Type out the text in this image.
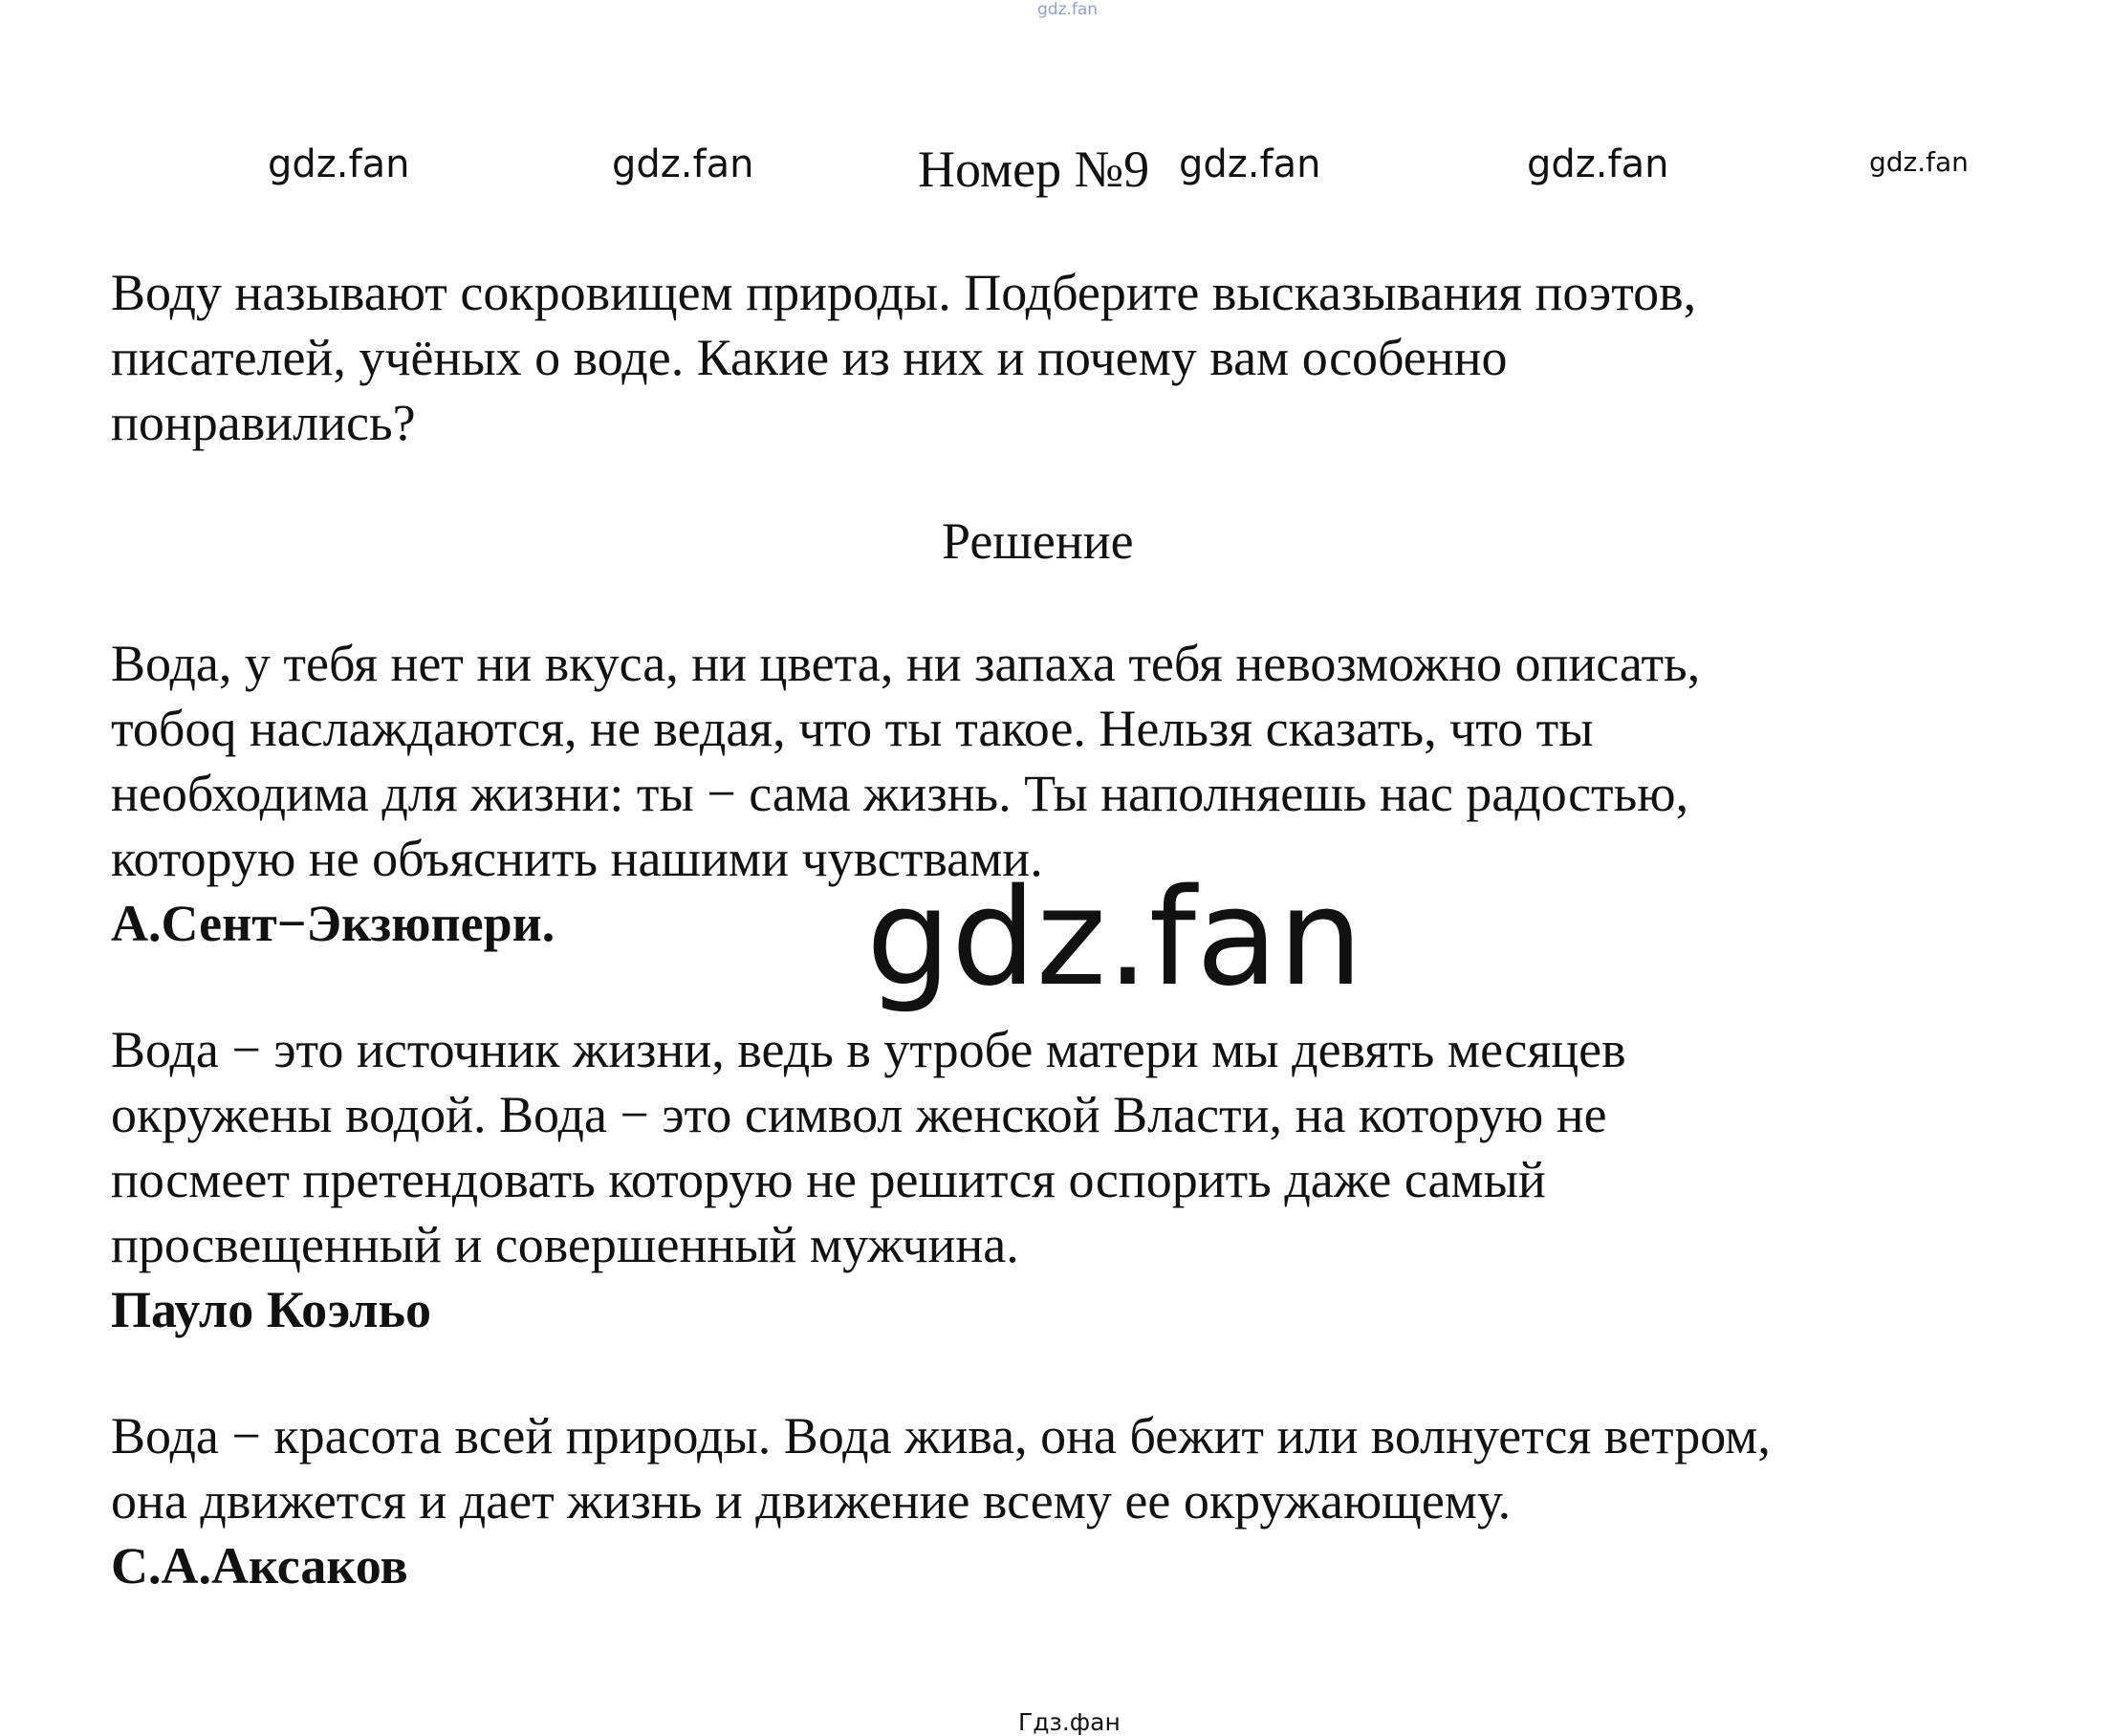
gdz.fan
Номер №9
gdz.fan	gdz.fan	gdz.fan	gdz.fan	gdz.fan
Воду называют сокровищем природы. Подберите высказывания поэтов,
писателей, учёных о воде. Какие из них и почему вам особенно
понравились?
Решение
Вода, у тебя нет ни вкуса, ни цвета, ни запаха тебя невозможно описать,
тобоq наслаждаются, не ведая, что ты такое. Нельзя сказать, что ты
необходима для жизни: ты − сама жизнь. Ты наполняешь нас радостью,
которую не объяснить нашими чувствами.
А.Сент−Экзюпери. gdz.fan
Вода − это источник жизни, ведь в утробе матери мы девять месяцев
окружены водой. Вода − это символ женской Власти, на которую не
посмеет претендовать которую не решится оспорить даже самый
просвещенный и совершенный мужчина.
Пауло Коэльо
Вода − красота всей природы. Вода жива, она бежит или волнуется ветром,
она движется и дает жизнь и движение всему ее окружающему.
С.А.Аксаков
Гдз.фан
